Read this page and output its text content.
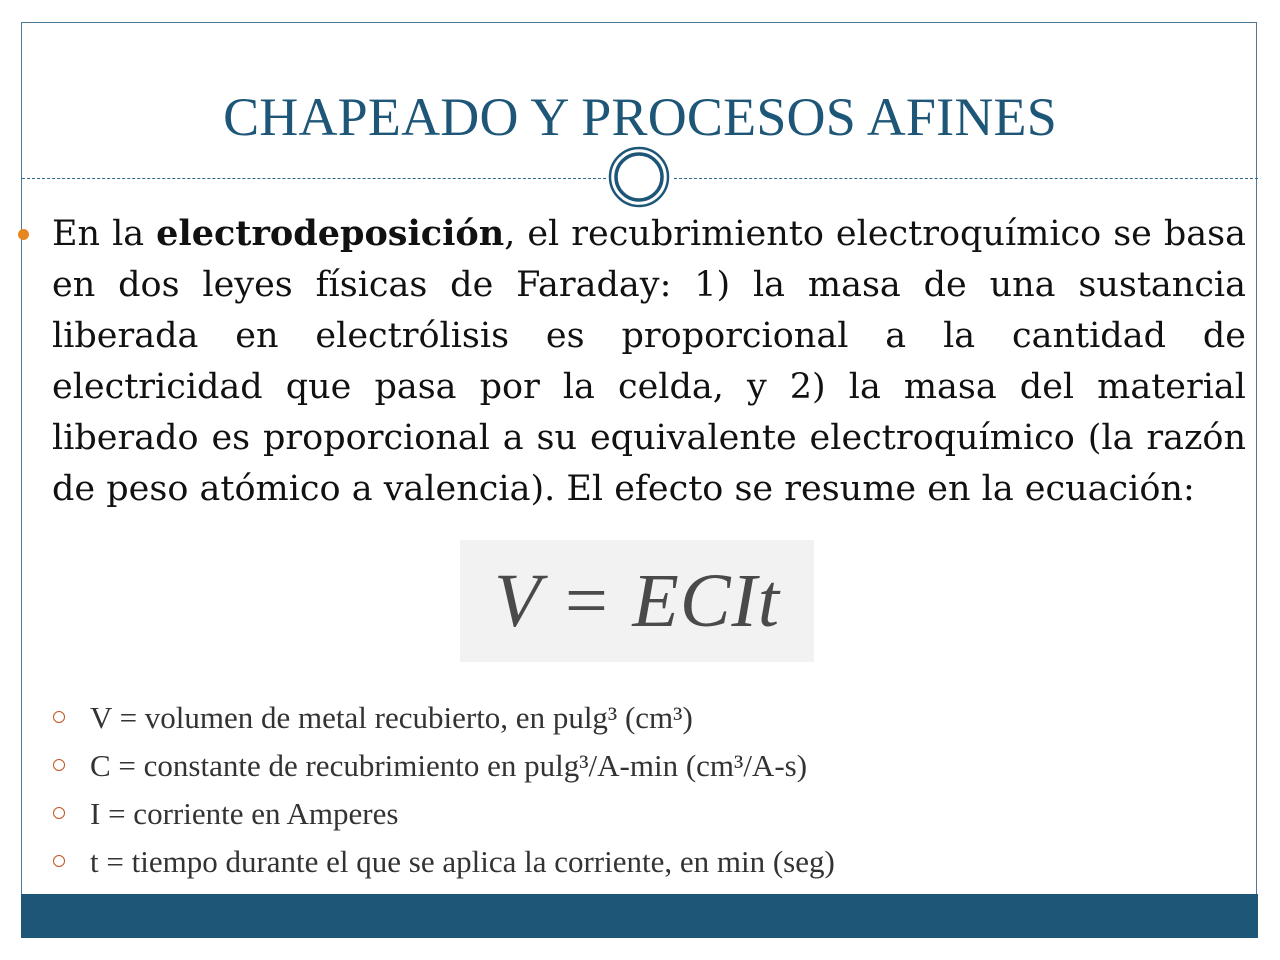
CHAPEADO Y PROCESOS AFINES

En la electrodeposición, el recubrimiento electroquímico se basa en dos leyes físicas de Faraday: 1) la masa de una sustancia liberada en electrólisis es proporcional a la cantidad de electricidad que pasa por la celda, y 2) la masa del material liberado es proporcional a su equivalente electroquímico (la razón de peso atómico a valencia). El efecto se resume en la ecuación:

V = ECIt
V = volumen de metal recubierto, en pulg³ (cm³)
C = constante de recubrimiento en pulg³/A-min (cm³/A-s)
I = corriente en Amperes
t = tiempo durante el que se aplica la corriente, en min (seg)
